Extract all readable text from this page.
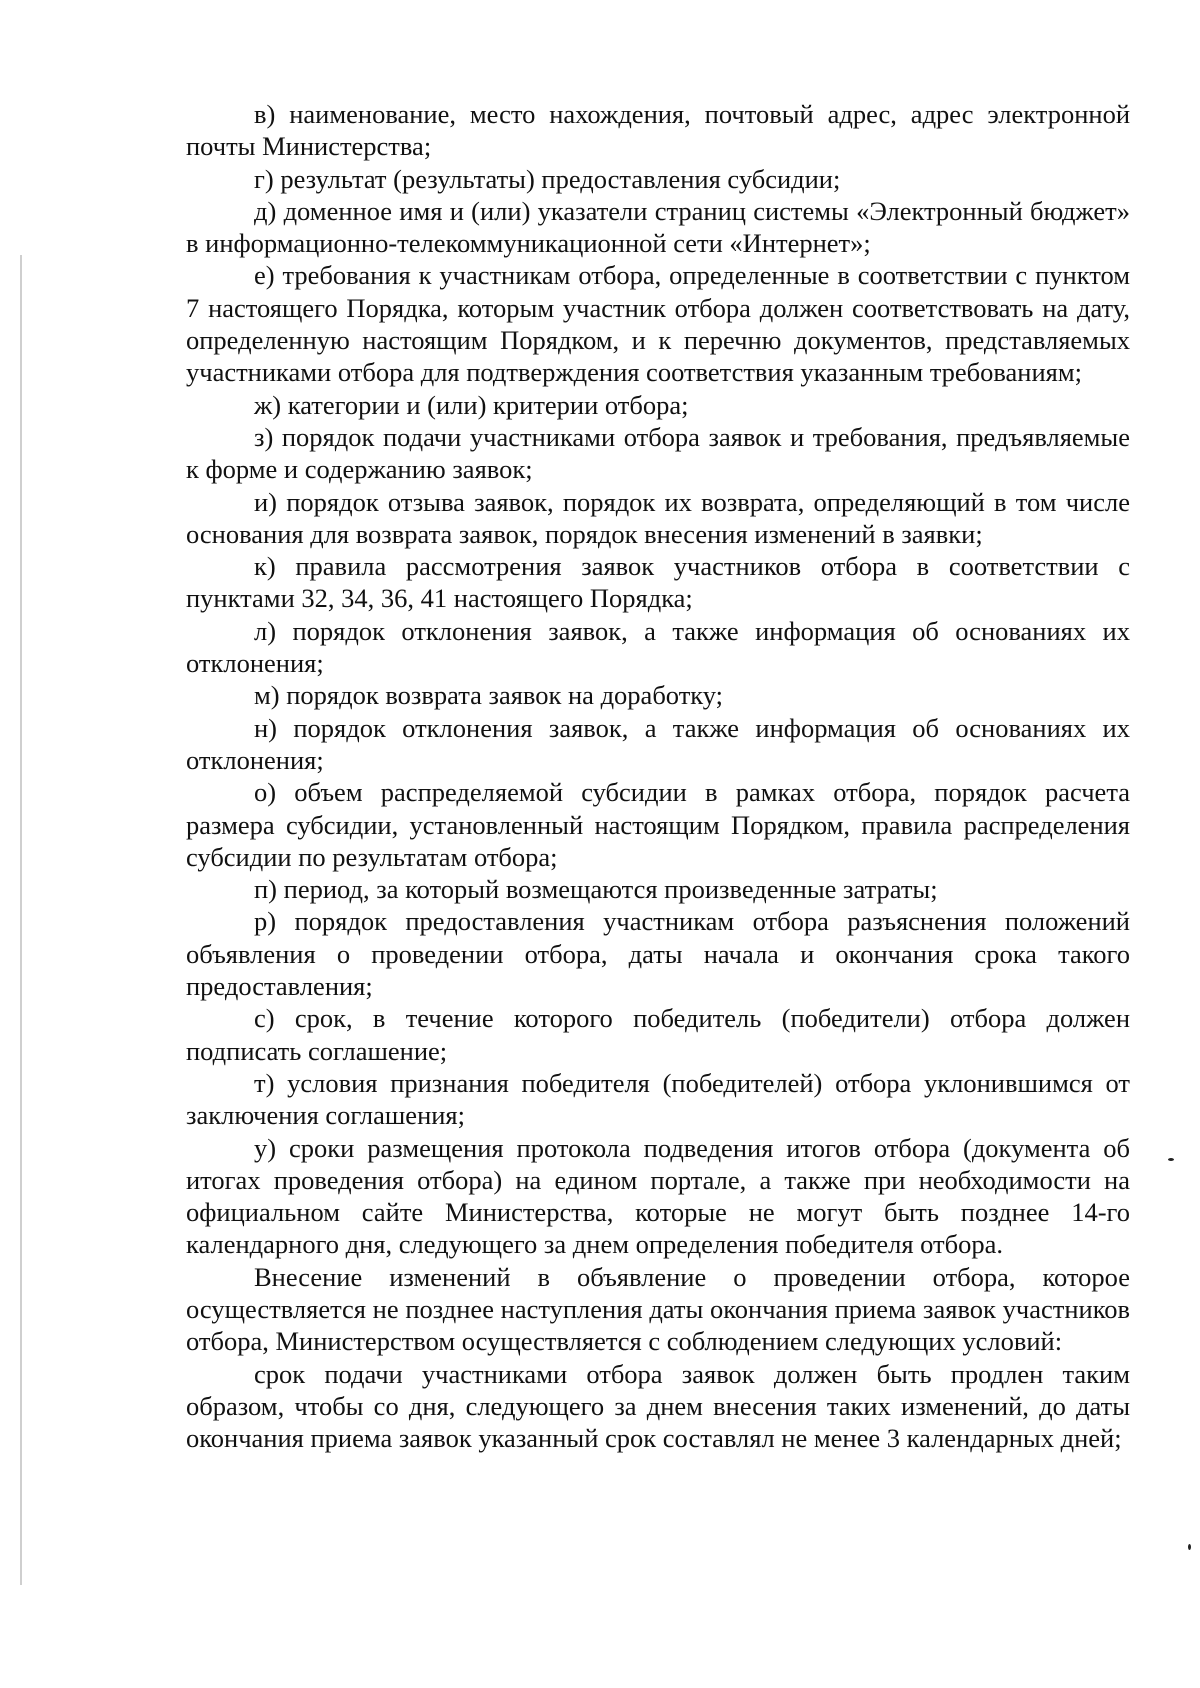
в) наименование, место нахождения, почтовый адрес, адрес электронной почты Министерства;

г) результат (результаты) предоставления субсидии;

д) доменное имя и (или) указатели страниц системы «Электронный бюджет» в информационно-телекоммуникационной сети «Интернет»;

е) требования к участникам отбора, определенные в соответствии с пунктом 7 настоящего Порядка, которым участник отбора должен соответствовать на дату, определенную настоящим Порядком, и к перечню документов, представляемых участниками отбора для подтверждения соответствия указанным требованиям;

ж) категории и (или) критерии отбора;

з) порядок подачи участниками отбора заявок и требования, предъявляемые к форме и содержанию заявок;

и) порядок отзыва заявок, порядок их возврата, определяющий в том числе основания для возврата заявок, порядок внесения изменений в заявки;

к) правила рассмотрения заявок участников отбора в соответствии с пунктами 32, 34, 36, 41 настоящего Порядка;

л) порядок отклонения заявок, а также информация об основаниях их отклонения;

м) порядок возврата заявок на доработку;

н) порядок отклонения заявок, а также информация об основаниях их отклонения;

о) объем распределяемой субсидии в рамках отбора, порядок расчета размера субсидии, установленный настоящим Порядком, правила распределения субсидии по результатам отбора;

п) период, за который возмещаются произведенные затраты;

р) порядок предоставления участникам отбора разъяснения положений объявления о проведении отбора, даты начала и окончания срока такого предоставления;

с) срок, в течение которого победитель (победители) отбора должен подписать соглашение;

т) условия признания победителя (победителей) отбора уклонившимся от заключения соглашения;

у) сроки размещения протокола подведения итогов отбора (документа об итогах проведения отбора) на едином портале, а также при необходимости на официальном сайте Министерства, которые не могут быть позднее 14-го календарного дня, следующего за днем определения победителя отбора.

Внесение изменений в объявление о проведении отбора, которое осуществляется не позднее наступления даты окончания приема заявок участников отбора, Министерством осуществляется с соблюдением следующих условий:

срок подачи участниками отбора заявок должен быть продлен таким образом, чтобы со дня, следующего за днем внесения таких изменений, до даты окончания приема заявок указанный срок составлял не менее 3 календарных дней;
